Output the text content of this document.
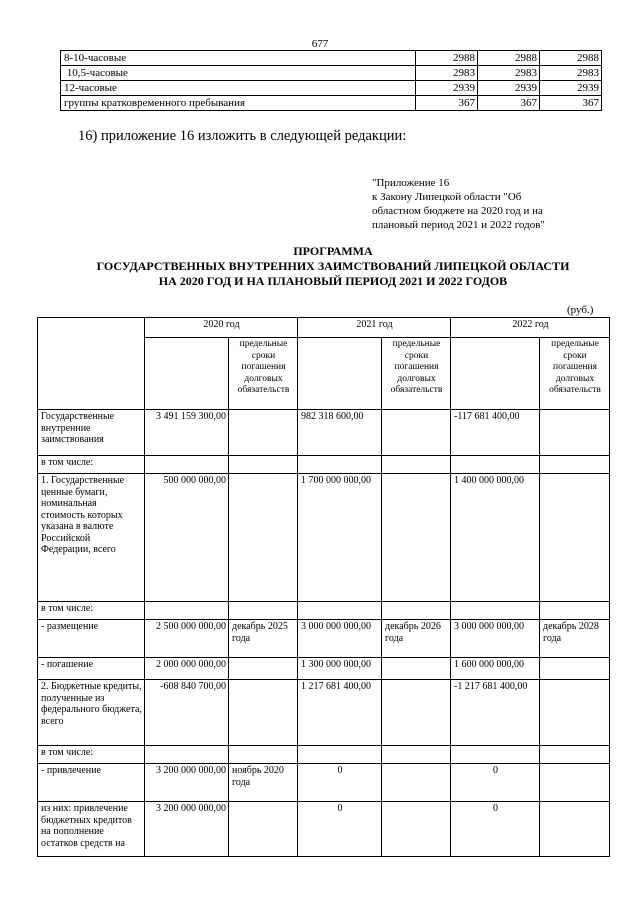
677
8-10-часовые	2988	2988	2988
10,5-часовые	2983	2983	2983
12-часовые	2939	2939	2939
группы кратковременного пребывания	367	367	367
16) приложение 16 изложить в следующей редакции:
"Приложение 16
к Закону Липецкой области "Об
областном бюджете на 2020 год и на
плановый период 2021 и 2022 годов"
ПРОГРАММА
ГОСУДАРСТВЕННЫХ ВНУТРЕННИХ ЗАИМСТВОВАНИЙ ЛИПЕЦКОЙ ОБЛАСТИ
НА 2020 ГОД И НА ПЛАНОВЫЙ ПЕРИОД 2021 И 2022 ГОДОВ
(руб.)
	2020 год		2021 год		2022 год	
		предельные сроки погашения долговых обязательств		предельные сроки погашения долговых обязательств		предельные сроки погашения долговых обязательств
Государственные внутренние заимствования	3 491 159 300,00		982 318 600,00		-117 681 400,00	
в том числе:						
1. Государственные ценные бумаги, номинальная стоимость которых указана в валюте Российской Федерации, всего	500 000 000,00		1 700 000 000,00		1 400 000 000,00	
в том числе:						
- размещение	2 500 000 000,00	декабрь 2025 года	3 000 000 000,00	декабрь 2026 года	3 000 000 000,00	декабрь 2028 года
- погашение	2 000 000 000,00		1 300 000 000,00		1 600 000 000,00	
2. Бюджетные кредиты, полученные из федерального бюджета, всего	-608 840 700,00		1 217 681 400,00		-1 217 681 400,00	
в том числе:						
- привлечение	3 200 000 000,00	ноябрь 2020 года	0		0	
из них: привлечение бюджетных кредитов на пополнение остатков средств на	3 200 000 000,00		0		0	
